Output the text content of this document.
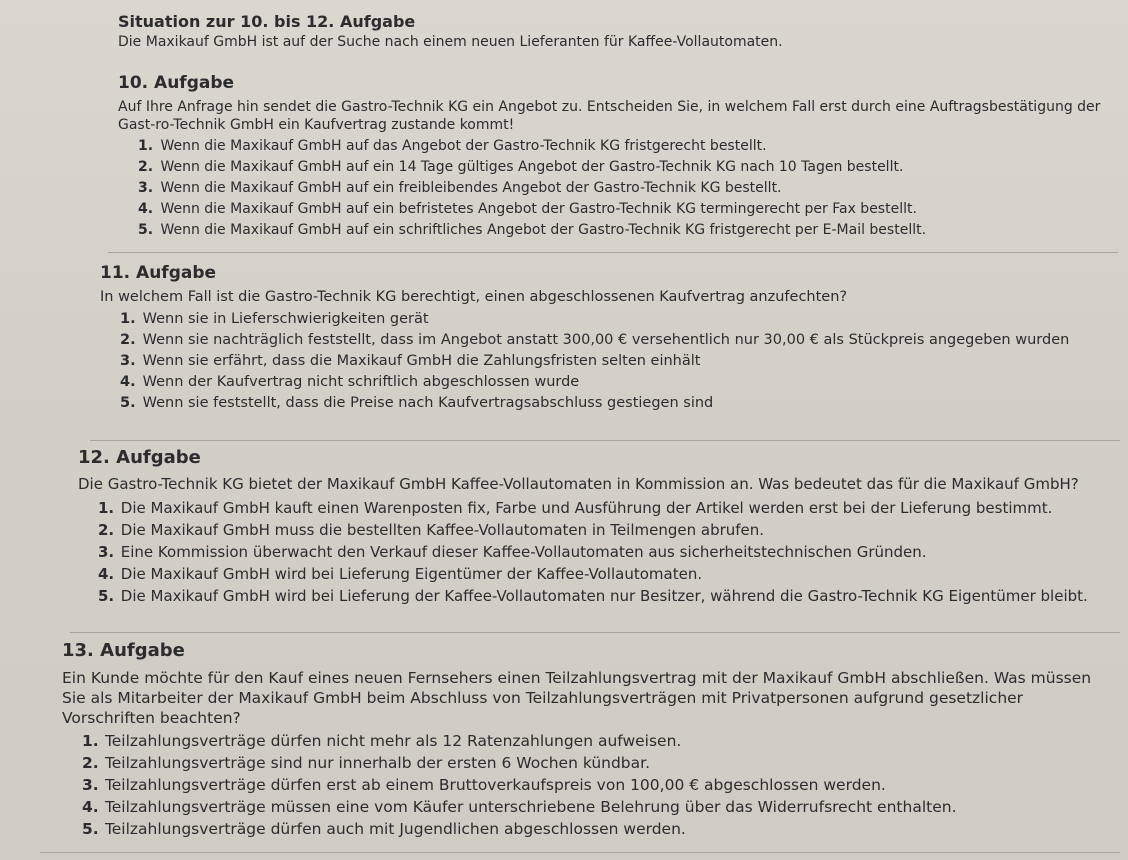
Situation zur 10. bis 12. Aufgabe
Die Maxikauf GmbH ist auf der Suche nach einem neuen Lieferanten für Kaffee-Vollautomaten.
10. Aufgabe
Auf Ihre Anfrage hin sendet die Gastro-Technik KG ein Angebot zu. Entscheiden Sie, in welchem Fall erst durch eine Auftragsbestätigung der Gast-ro-Technik GmbH ein Kaufvertrag zustande kommt!
1. Wenn die Maxikauf GmbH auf das Angebot der Gastro-Technik KG fristgerecht bestellt.
2. Wenn die Maxikauf GmbH auf ein 14 Tage gültiges Angebot der Gastro-Technik KG nach 10 Tagen bestellt.
3. Wenn die Maxikauf GmbH auf ein freibleibendes Angebot der Gastro-Technik KG bestellt.
4. Wenn die Maxikauf GmbH auf ein befristetes Angebot der Gastro-Technik KG termingerecht per Fax bestellt.
5. Wenn die Maxikauf GmbH auf ein schriftliches Angebot der Gastro-Technik KG fristgerecht per E-Mail bestellt.
11. Aufgabe
In welchem Fall ist die Gastro-Technik KG berechtigt, einen abgeschlossenen Kaufvertrag anzufechten?
1. Wenn sie in Lieferschwierigkeiten gerät
2. Wenn sie nachträglich feststellt, dass im Angebot anstatt 300,00 € versehentlich nur 30,00 € als Stückpreis angegeben wurden
3. Wenn sie erfährt, dass die Maxikauf GmbH die Zahlungsfristen selten einhält
4. Wenn der Kaufvertrag nicht schriftlich abgeschlossen wurde
5. Wenn sie feststellt, dass die Preise nach Kaufvertragsabschluss gestiegen sind
12. Aufgabe
Die Gastro-Technik KG bietet der Maxikauf GmbH Kaffee-Vollautomaten in Kommission an. Was bedeutet das für die Maxikauf GmbH?
1. Die Maxikauf GmbH kauft einen Warenposten fix, Farbe und Ausführung der Artikel werden erst bei der Lieferung bestimmt.
2. Die Maxikauf GmbH muss die bestellten Kaffee-Vollautomaten in Teilmengen abrufen.
3. Eine Kommission überwacht den Verkauf dieser Kaffee-Vollautomaten aus sicherheitstechnischen Gründen.
4. Die Maxikauf GmbH wird bei Lieferung Eigentümer der Kaffee-Vollautomaten.
5. Die Maxikauf GmbH wird bei Lieferung der Kaffee-Vollautomaten nur Besitzer, während die Gastro-Technik KG Eigentümer bleibt.
13. Aufgabe
Ein Kunde möchte für den Kauf eines neuen Fernsehers einen Teilzahlungsvertrag mit der Maxikauf GmbH abschließen. Was müssen Sie als Mitarbeiter der Maxikauf GmbH beim Abschluss von Teilzahlungsverträgen mit Privatpersonen aufgrund gesetzlicher Vorschriften beachten?
1. Teilzahlungsverträge dürfen nicht mehr als 12 Ratenzahlungen aufweisen.
2. Teilzahlungsverträge sind nur innerhalb der ersten 6 Wochen kündbar.
3. Teilzahlungsverträge dürfen erst ab einem Bruttoverkaufspreis von 100,00 € abgeschlossen werden.
4. Teilzahlungsverträge müssen eine vom Käufer unterschriebene Belehrung über das Widerrufsrecht enthalten.
5. Teilzahlungsverträge dürfen auch mit Jugendlichen abgeschlossen werden.
